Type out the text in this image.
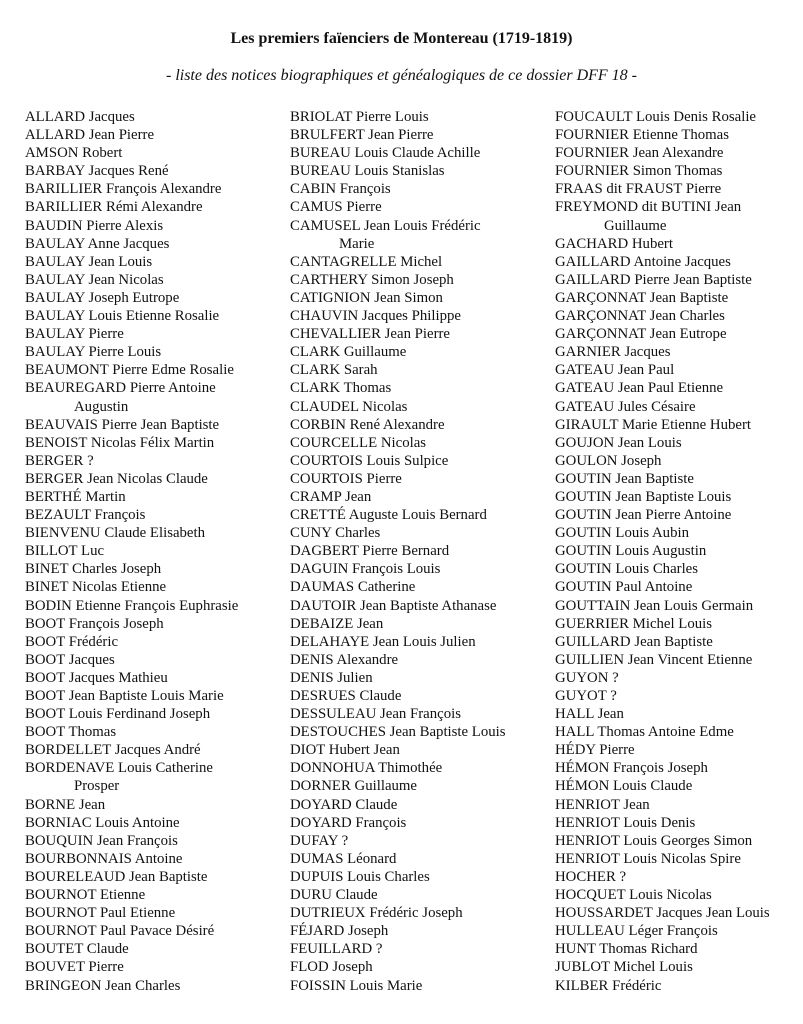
Les premiers faïenciers de Montereau (1719-1819)
- liste des notices biographiques et généalogiques de ce dossier DFF 18 -
ALLARD Jacques
ALLARD Jean Pierre
AMSON Robert
BARBAY Jacques René
BARILLIER François Alexandre
BARILLIER Rémi Alexandre
BAUDIN Pierre Alexis
BAULAY Anne Jacques
BAULAY Jean Louis
BAULAY Jean Nicolas
BAULAY Joseph Eutrope
BAULAY Louis Etienne Rosalie
BAULAY Pierre
BAULAY Pierre Louis
BEAUMONT Pierre Edme Rosalie
BEAUREGARD Pierre Antoine
Augustin
BEAUVAIS Pierre Jean Baptiste
BENOIST Nicolas Félix Martin
BERGER ?
BERGER Jean Nicolas Claude
BERTHÉ Martin
BEZAULT François
BIENVENU Claude Elisabeth
BILLOT Luc
BINET Charles Joseph
BINET Nicolas Etienne
BODIN Etienne François Euphrasie
BOOT François Joseph
BOOT Frédéric
BOOT Jacques
BOOT Jacques Mathieu
BOOT Jean Baptiste Louis Marie
BOOT Louis Ferdinand Joseph
BOOT Thomas
BORDELLET Jacques André
BORDENAVE Louis Catherine
Prosper
BORNE Jean
BORNIAC Louis Antoine
BOUQUIN Jean François
BOURBONNAIS Antoine
BOURELEAUD Jean Baptiste
BOURNOT Etienne
BOURNOT Paul Etienne
BOURNOT Paul Pavace Désiré
BOUTET Claude
BOUVET Pierre
BRINGEON Jean Charles
BRIOLAT Pierre Louis
BRULFERT Jean Pierre
BUREAU Louis Claude Achille
BUREAU Louis Stanislas
CABIN François
CAMUS Pierre
CAMUSEL Jean Louis Frédéric
Marie
CANTAGRELLE Michel
CARTHERY Simon Joseph
CATIGNION Jean Simon
CHAUVIN Jacques Philippe
CHEVALLIER Jean Pierre
CLARK Guillaume
CLARK Sarah
CLARK Thomas
CLAUDEL Nicolas
CORBIN René Alexandre
COURCELLE Nicolas
COURTOIS Louis Sulpice
COURTOIS Pierre
CRAMP Jean
CRETTÉ Auguste Louis Bernard
CUNY Charles
DAGBERT Pierre Bernard
DAGUIN François Louis
DAUMAS Catherine
DAUTOIR Jean Baptiste Athanase
DEBAIZE Jean
DELAHAYE Jean Louis Julien
DENIS Alexandre
DENIS Julien
DESRUES Claude
DESSULEAU Jean François
DESTOUCHES Jean Baptiste Louis
DIOT Hubert Jean
DONNOHUA Thimothée
DORNER Guillaume
DOYARD Claude
DOYARD François
DUFAY ?
DUMAS Léonard
DUPUIS Louis Charles
DURU Claude
DUTRIEUX Frédéric Joseph
FÉJARD Joseph
FEUILLARD ?
FLOD Joseph
FOISSIN Louis Marie
FOUCAULT Louis Denis Rosalie
FOURNIER Etienne Thomas
FOURNIER Jean Alexandre
FOURNIER Simon Thomas
FRAAS dit FRAUST Pierre
FREYMOND dit BUTINI Jean
Guillaume
GACHARD Hubert
GAILLARD Antoine Jacques
GAILLARD Pierre Jean Baptiste
GARÇONNAT Jean Baptiste
GARÇONNAT Jean Charles
GARÇONNAT Jean Eutrope
GARNIER Jacques
GATEAU Jean Paul
GATEAU Jean Paul Etienne
GATEAU Jules Césaire
GIRAULT Marie Etienne Hubert
GOUJON Jean Louis
GOULON Joseph
GOUTIN Jean Baptiste
GOUTIN Jean Baptiste Louis
GOUTIN Jean Pierre Antoine
GOUTIN Louis Aubin
GOUTIN Louis Augustin
GOUTIN Louis Charles
GOUTIN Paul Antoine
GOUTTAIN Jean Louis Germain
GUERRIER Michel Louis
GUILLARD Jean Baptiste
GUILLIEN Jean Vincent Etienne
GUYON ?
GUYOT ?
HALL Jean
HALL Thomas Antoine Edme
HÉDY Pierre
HÉMON François Joseph
HÉMON Louis Claude
HENRIOT Jean
HENRIOT Louis Denis
HENRIOT Louis Georges Simon
HENRIOT Louis Nicolas Spire
HOCHER ?
HOCQUET Louis Nicolas
HOUSSARDET Jacques Jean Louis
HULLEAU Léger François
HUNT Thomas Richard
JUBLOT Michel Louis
KILBER Frédéric
